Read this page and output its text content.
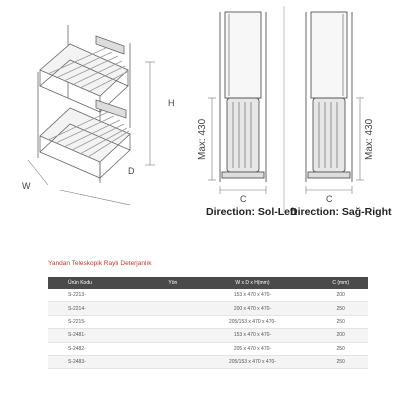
H
W
D
Max: 430
C
Max: 430
C
Direction: Sol-Left
Direction: Sağ-Right
Yandan Teleskopik Raylı Deterjanlık
Ürün Kodu	Yön	W x D x H(mm)	C (mm)
S-2213-		153 x 470 x 470-	200
S-2214-		200 x 470 x 470-	250
S-2215-		205/153 x 470 x 470-	250
S-2481-		153 x 470 x 470-	200
S-2482-		205 x 470 x 470-	250
S-2483-		205/153 x 470 x 470-	250
